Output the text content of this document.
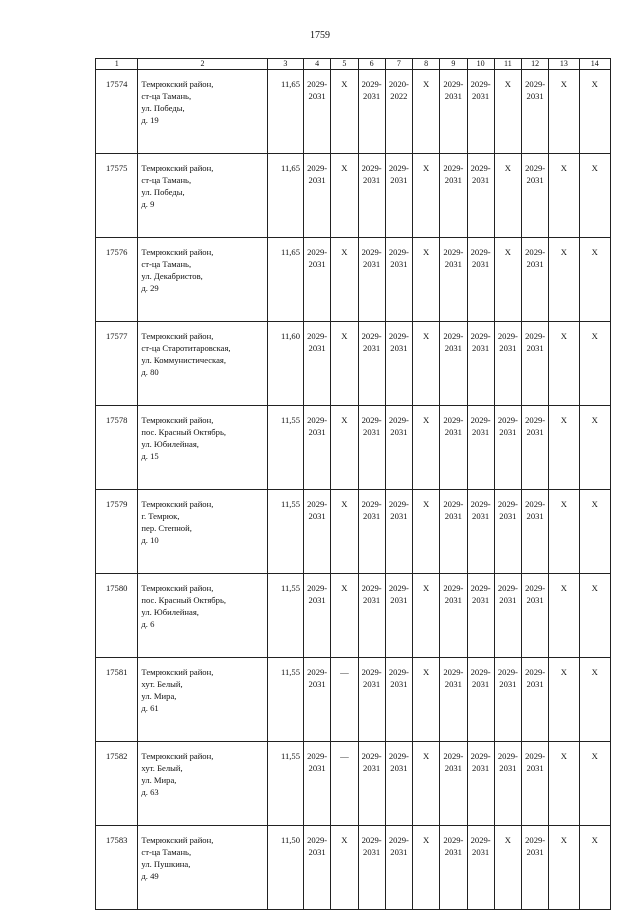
1759
1	2	3	4	5	6	7	8	9	10	11	12	13	14
17574	Темрюкский район,
ст-ца Тамань,
ул. Победы,
д. 19	11,65	2029-
2031	X	2029-
2031	2020-
2022	X	2029-
2031	2029-
2031	X	2029-
2031	X	X
17575	Темрюкский район,
ст-ца Тамань,
ул. Победы,
д. 9	11,65	2029-
2031	X	2029-
2031	2029-
2031	X	2029-
2031	2029-
2031	X	2029-
2031	X	X
17576	Темрюкский район,
ст-ца Тамань,
ул. Декабристов,
д. 29	11,65	2029-
2031	X	2029-
2031	2029-
2031	X	2029-
2031	2029-
2031	X	2029-
2031	X	X
17577	Темрюкский район,
ст-ца Старотитаровская,
ул. Коммунистическая,
д. 80	11,60	2029-
2031	X	2029-
2031	2029-
2031	X	2029-
2031	2029-
2031	2029-
2031	2029-
2031	X	X
17578	Темрюкский район,
пос. Красный Октябрь,
ул. Юбилейная,
д. 15	11,55	2029-
2031	X	2029-
2031	2029-
2031	X	2029-
2031	2029-
2031	2029-
2031	2029-
2031	X	X
17579	Темрюкский район,
г. Темрюк,
пер. Степной,
д. 10	11,55	2029-
2031	X	2029-
2031	2029-
2031	X	2029-
2031	2029-
2031	2029-
2031	2029-
2031	X	X
17580	Темрюкский район,
пос. Красный Октябрь,
ул. Юбилейная,
д. 6	11,55	2029-
2031	X	2029-
2031	2029-
2031	X	2029-
2031	2029-
2031	2029-
2031	2029-
2031	X	X
17581	Темрюкский район,
хут. Белый,
ул. Мира,
д. 61	11,55	2029-
2031	—	2029-
2031	2029-
2031	X	2029-
2031	2029-
2031	2029-
2031	2029-
2031	X	X
17582	Темрюкский район,
хут. Белый,
ул. Мира,
д. 63	11,55	2029-
2031	—	2029-
2031	2029-
2031	X	2029-
2031	2029-
2031	2029-
2031	2029-
2031	X	X
17583	Темрюкский район,
ст-ца Тамань,
ул. Пушкина,
д. 49	11,50	2029-
2031	X	2029-
2031	2029-
2031	X	2029-
2031	2029-
2031	X	2029-
2031	X	X
